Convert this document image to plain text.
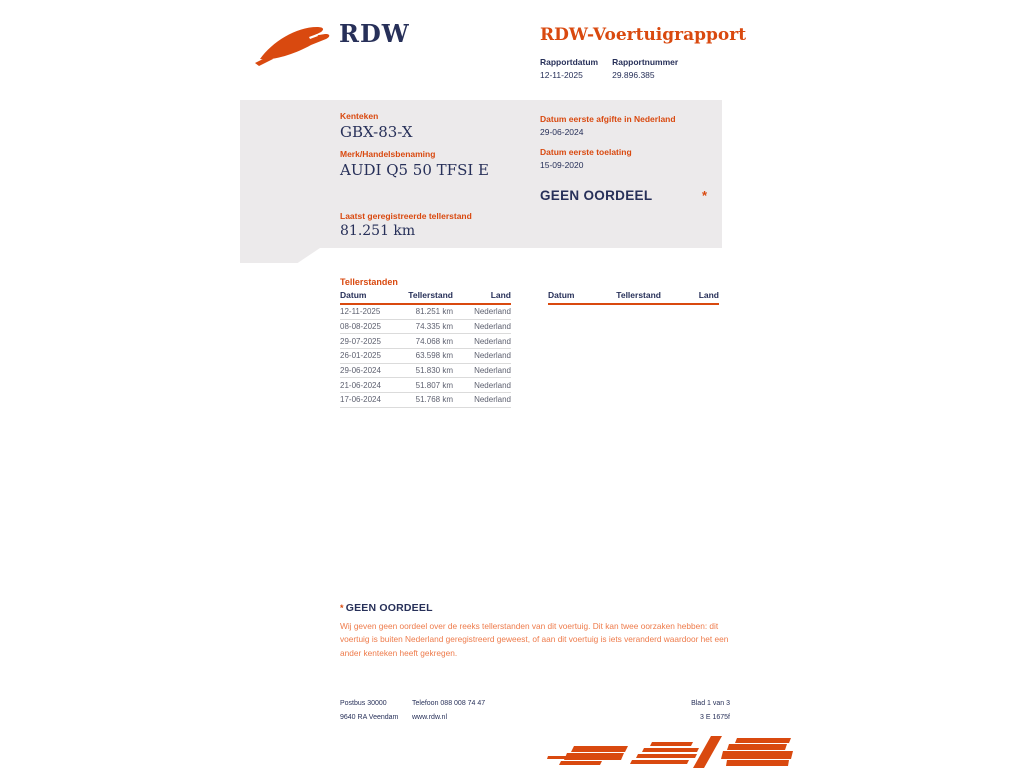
RDW	RDW-Voertuigrapport
Rapportdatum
12-11-2025
Rapportnummer
29.896.385
Kenteken
GBX-83-X
Merk/Handelsbenaming
AUDI Q5 50 TFSI E
Laatst geregistreerde tellerstand
81.251 km
Datum eerste afgifte in Nederland
29-06-2024
Datum eerste toelating
15-09-2020
GEEN OORDEEL	*
Tellerstanden
Datum	Tellerstand	Land
12-11-2025	81.251 km	Nederland
08-08-2025	74.335 km	Nederland
29-07-2025	74.068 km	Nederland
26-01-2025	63.598 km	Nederland
29-06-2024	51.830 km	Nederland
21-06-2024	51.807 km	Nederland
17-06-2024	51.768 km	Nederland
Datum	Tellerstand	Land
* GEEN OORDEEL
Wij geven geen oordeel over de reeks tellerstanden van dit voertuig. Dit kan twee oorzaken hebben: dit voertuig is buiten Nederland geregistreerd geweest, of aan dit voertuig is iets veranderd waardoor het een ander kenteken heeft gekregen.
Postbus 30000	Telefoon 088 008 74 47	Blad 1 van 3
9640 RA Veendam	www.rdw.nl	3 E 1675f
